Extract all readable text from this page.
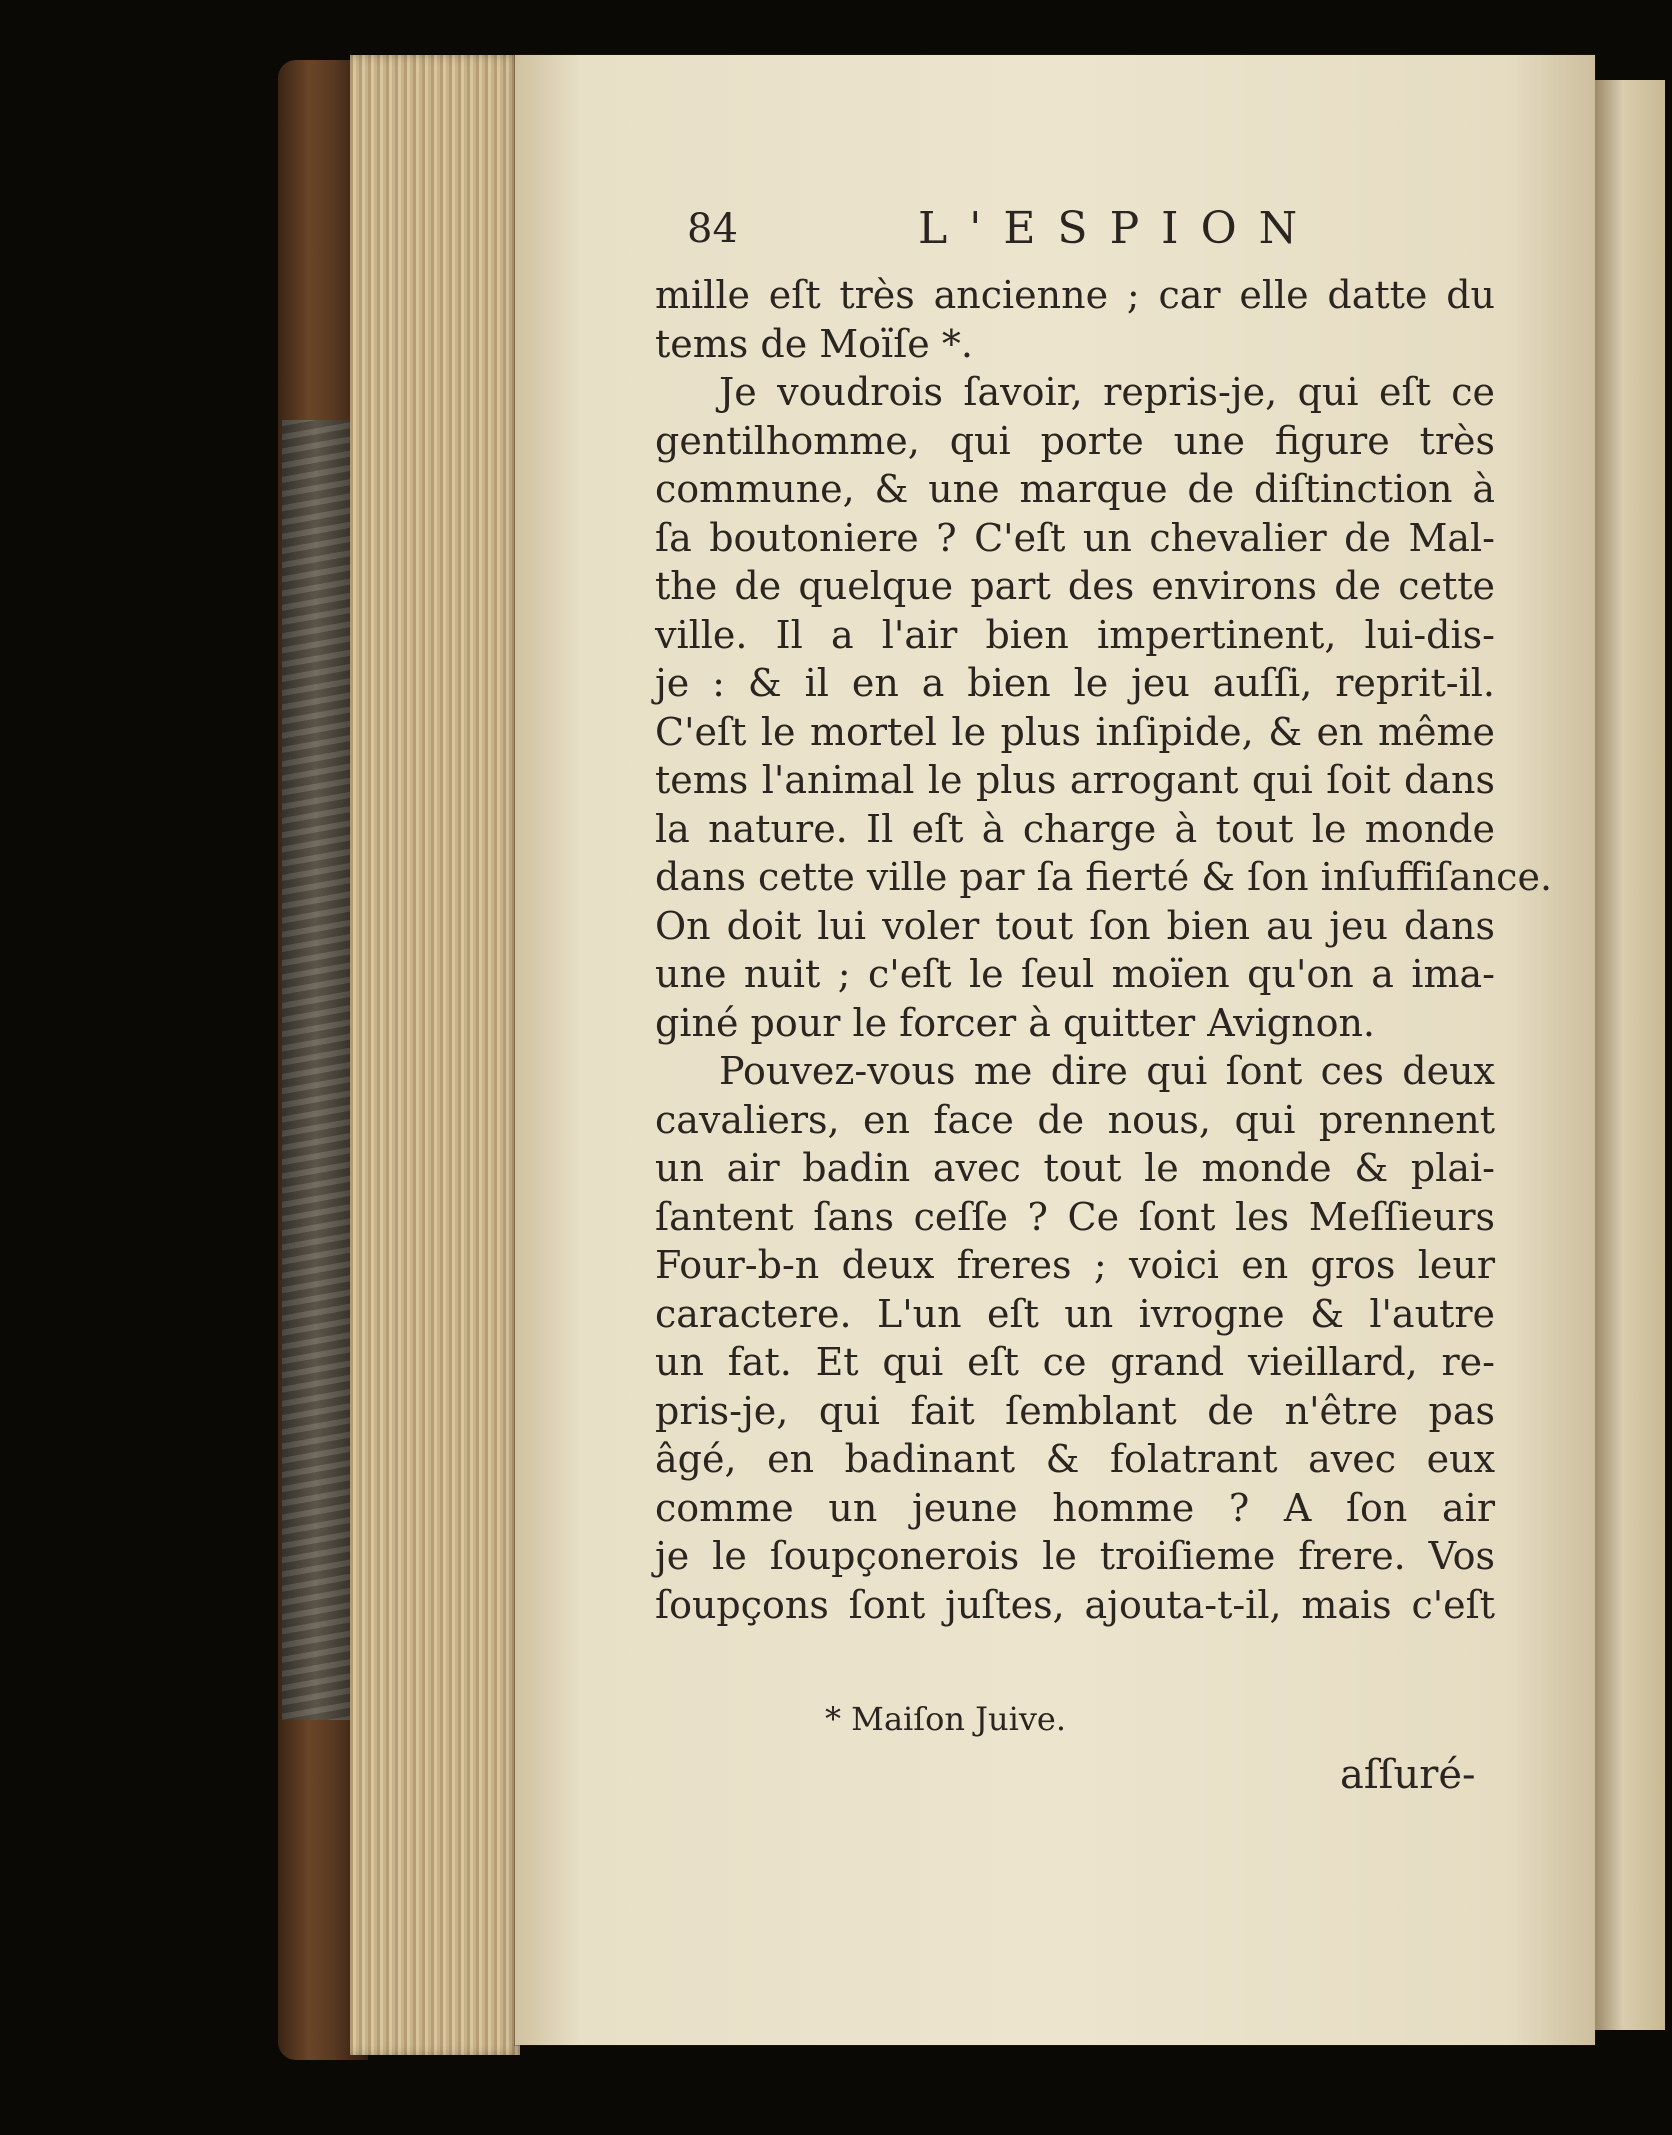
84	L'ESPION
mille eſt très ancienne ; car elle datte du
tems de Moïſe *.
Je voudrois ſavoir, repris-je, qui eſt ce
gentilhomme, qui porte une figure très
commune, & une marque de diſtinction à
ſa boutoniere ? C'eſt un chevalier de Mal-
the de quelque part des environs de cette
ville. Il a l'air bien impertinent, lui-dis-
je : & il en a bien le jeu auſſi, reprit-il.
C'eſt le mortel le plus inſipide, & en même
tems l'animal le plus arrogant qui ſoit dans
la nature. Il eſt à charge à tout le monde
dans cette ville par ſa fierté & ſon inſuffiſance.
On doit lui voler tout ſon bien au jeu dans
une nuit ; c'eſt le ſeul moïen qu'on a ima-
giné pour le forcer à quitter Avignon.
Pouvez-vous me dire qui ſont ces deux
cavaliers, en face de nous, qui prennent
un air badin avec tout le monde & plai-
ſantent ſans ceſſe ? Ce ſont les Meſſieurs
Four-b-n deux freres ; voici en gros leur
caractere. L'un eſt un ivrogne & l'autre
un fat. Et qui eſt ce grand vieillard, re-
pris-je, qui fait ſemblant de n'être pas
âgé, en badinant & folatrant avec eux
comme un jeune homme ? A ſon air
je le ſoupçonerois le troiſieme frere. Vos
ſoupçons ſont juſtes, ajouta-t-il, mais c'eſt
* Maiſon Juive.
aſſuré-
